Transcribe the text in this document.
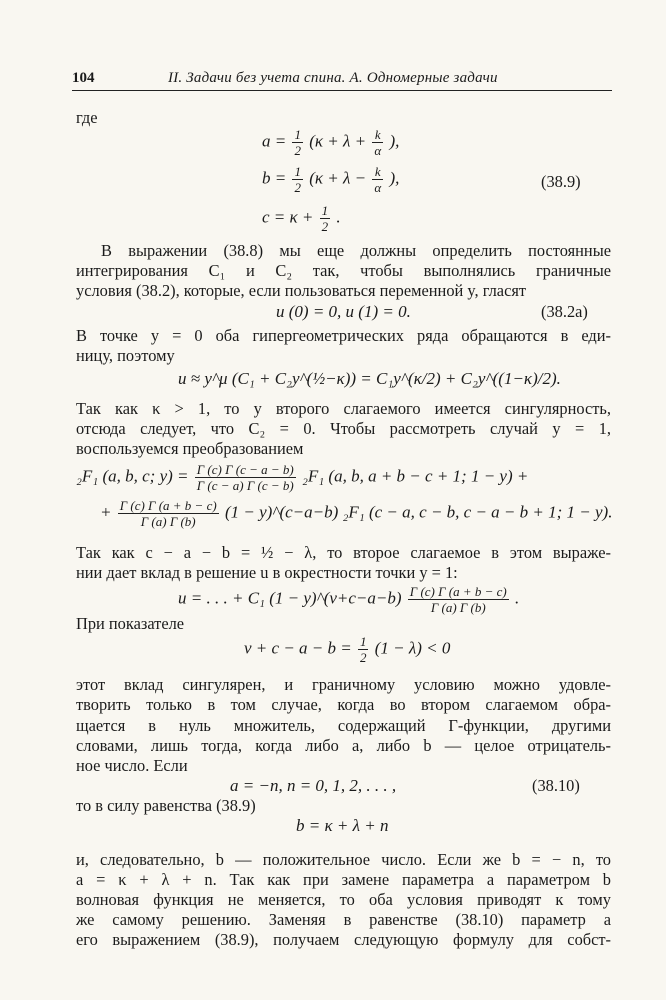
104	II. Задачи без учета спина. А. Одномерные задачи
где
$a = \frac{1}{2} (\kappa + \lambda + \frac{k}{\alpha}$ ),
$b = \frac{1}{2} (\kappa + \lambda - \frac{k}{\alpha}$ ),	(38.9)
$c = \kappa + \frac{1}{2}$ .
В выражении (38.8) мы еще должны определить постоянные
интегрирования C₁ и C₂ так, чтобы выполнялись граничные
условия (38.2), которые, если пользоваться переменной y, гласят
u (0) = 0, u (1) = 0.	(38.2a)
В точке y = 0 оба гипергеометрических ряда обращаются в еди-
ницу, поэтому
u ≈ y^μ (C₁ + C₂y^(½−κ)) = C₁y^(κ/2) + C₂y^((1−κ)/2).
Так как κ > 1, то у второго слагаемого имеется сингулярность,
отсюда следует, что C₂ = 0. Чтобы рассмотреть случай y = 1,
воспользуемся преобразованием
₂F₁ (a, b, c; $y) = \frac{\Gamma (c) \Gamma (c - a - b)}{\Gamma (c - a) \Gamma (c - b)} _2F_1$ (a, b, a + b − c + 1; 1 − y) +
+ $\frac{\Gamma (c) \Gamma (a + b - c)}{\Gamma (a) \Gamma (b)} (1$ − y)^(c−a−b) ₂F₁ (c − a, c − b, c − a − b + 1; 1 − y).
Так как c − a − b = ½ − λ, то второе слагаемое в этом выраже-
нии дает вклад в решение u в окрестности точки y = 1:
u = . . . + C₁ (1 − y)^(ν+c−a−b) $\frac{\Gamma (c) \Gamma (a + b - c)}{\Gamma (a) \Gamma (b)}$ .
При показателе
$\nu + c - a - b = \frac{1}{2} (1 - \lambda) < 0$
этот вклад сингулярен, и граничному условию можно удовле-
творить только в том случае, когда во втором слагаемом обра-
щается в нуль множитель, содержащий Γ-функции, другими
словами, лишь тогда, когда либо a, либо b — целое отрицатель-
ное число. Если
a = −n, n = 0, 1, 2, . . . ,	(38.10)
то в силу равенства (38.9)
b = κ + λ + n
и, следовательно, b — положительное число. Если же b = − n, то
a = κ + λ + n. Так как при замене параметра a параметром b
волновая функция не меняется, то оба условия приводят к тому
же самому решению. Заменяя в равенстве (38.10) параметр a
его выражением (38.9), получаем следующую формулу для собст-
